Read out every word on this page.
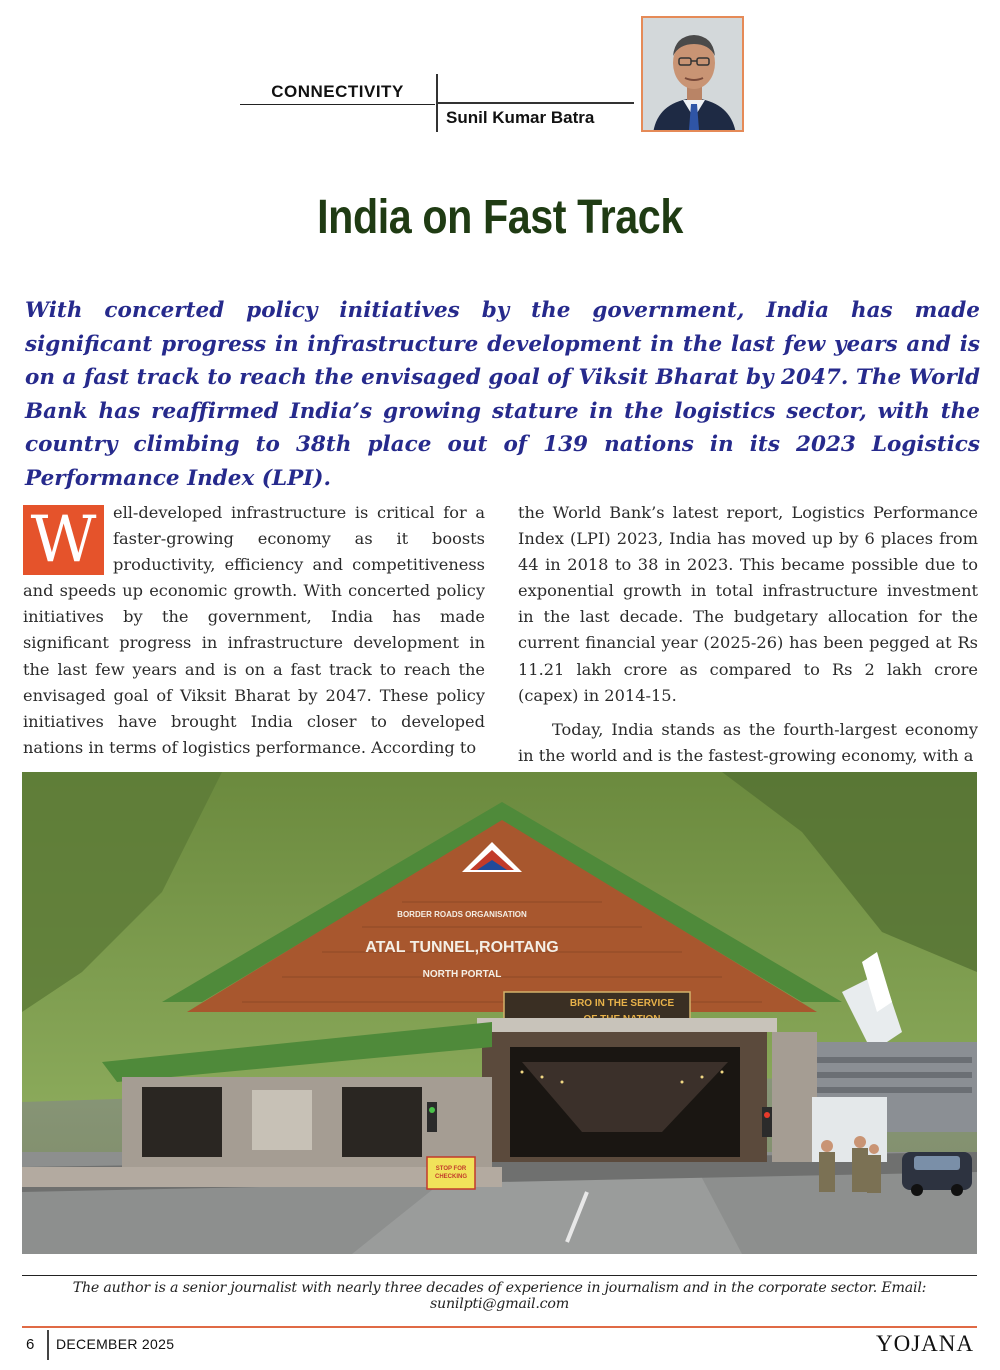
CONNECTIVITY
Sunil Kumar Batra
India on Fast Track
With concerted policy initiatives by the government, India has made significant progress in infrastructure development in the last few years and is on a fast track to reach the envisaged goal of Viksit Bharat by 2047. The World Bank has reaffirmed India’s growing stature in the logistics sector, with the country climbing to 38th place out of 139 nations in its 2023 Logistics Performance Index (LPI).
W	ell-developed infrastructure is critical for a faster-growing economy as it boosts productivity, efficiency and competitiveness and speeds up economic growth. With concerted policy initiatives by the government, India has made significant progress in infrastructure development in the last few years and is on a fast track to reach the envisaged goal of Viksit Bharat by 2047. These policy initiatives have brought India closer to developed nations in terms of logistics performance. According to

the World Bank’s latest report, Logistics Performance Index (LPI) 2023, India has moved up by 6 places from 44 in 2018 to 38 in 2023. This became possible due to exponential growth in total infrastructure investment in the last decade. The budgetary allocation for the current financial year (2025-26) has been pegged at Rs 11.21 lakh crore as compared to Rs 2 lakh crore (capex) in 2014-15.

Today, India stands as the fourth-largest economy in the world and is the fastest-growing economy, with a

BORDER ROADS ORGANISATION
ATAL TUNNEL,ROHTANG
NORTH PORTAL
BRO IN THE SERVICE
STOP FOR
CHECKING
The author is a senior journalist with nearly three decades of experience in journalism and in the corporate sector. Email: sunilpti@gmail.com
6 DECEMBER 2025	YOJANA
